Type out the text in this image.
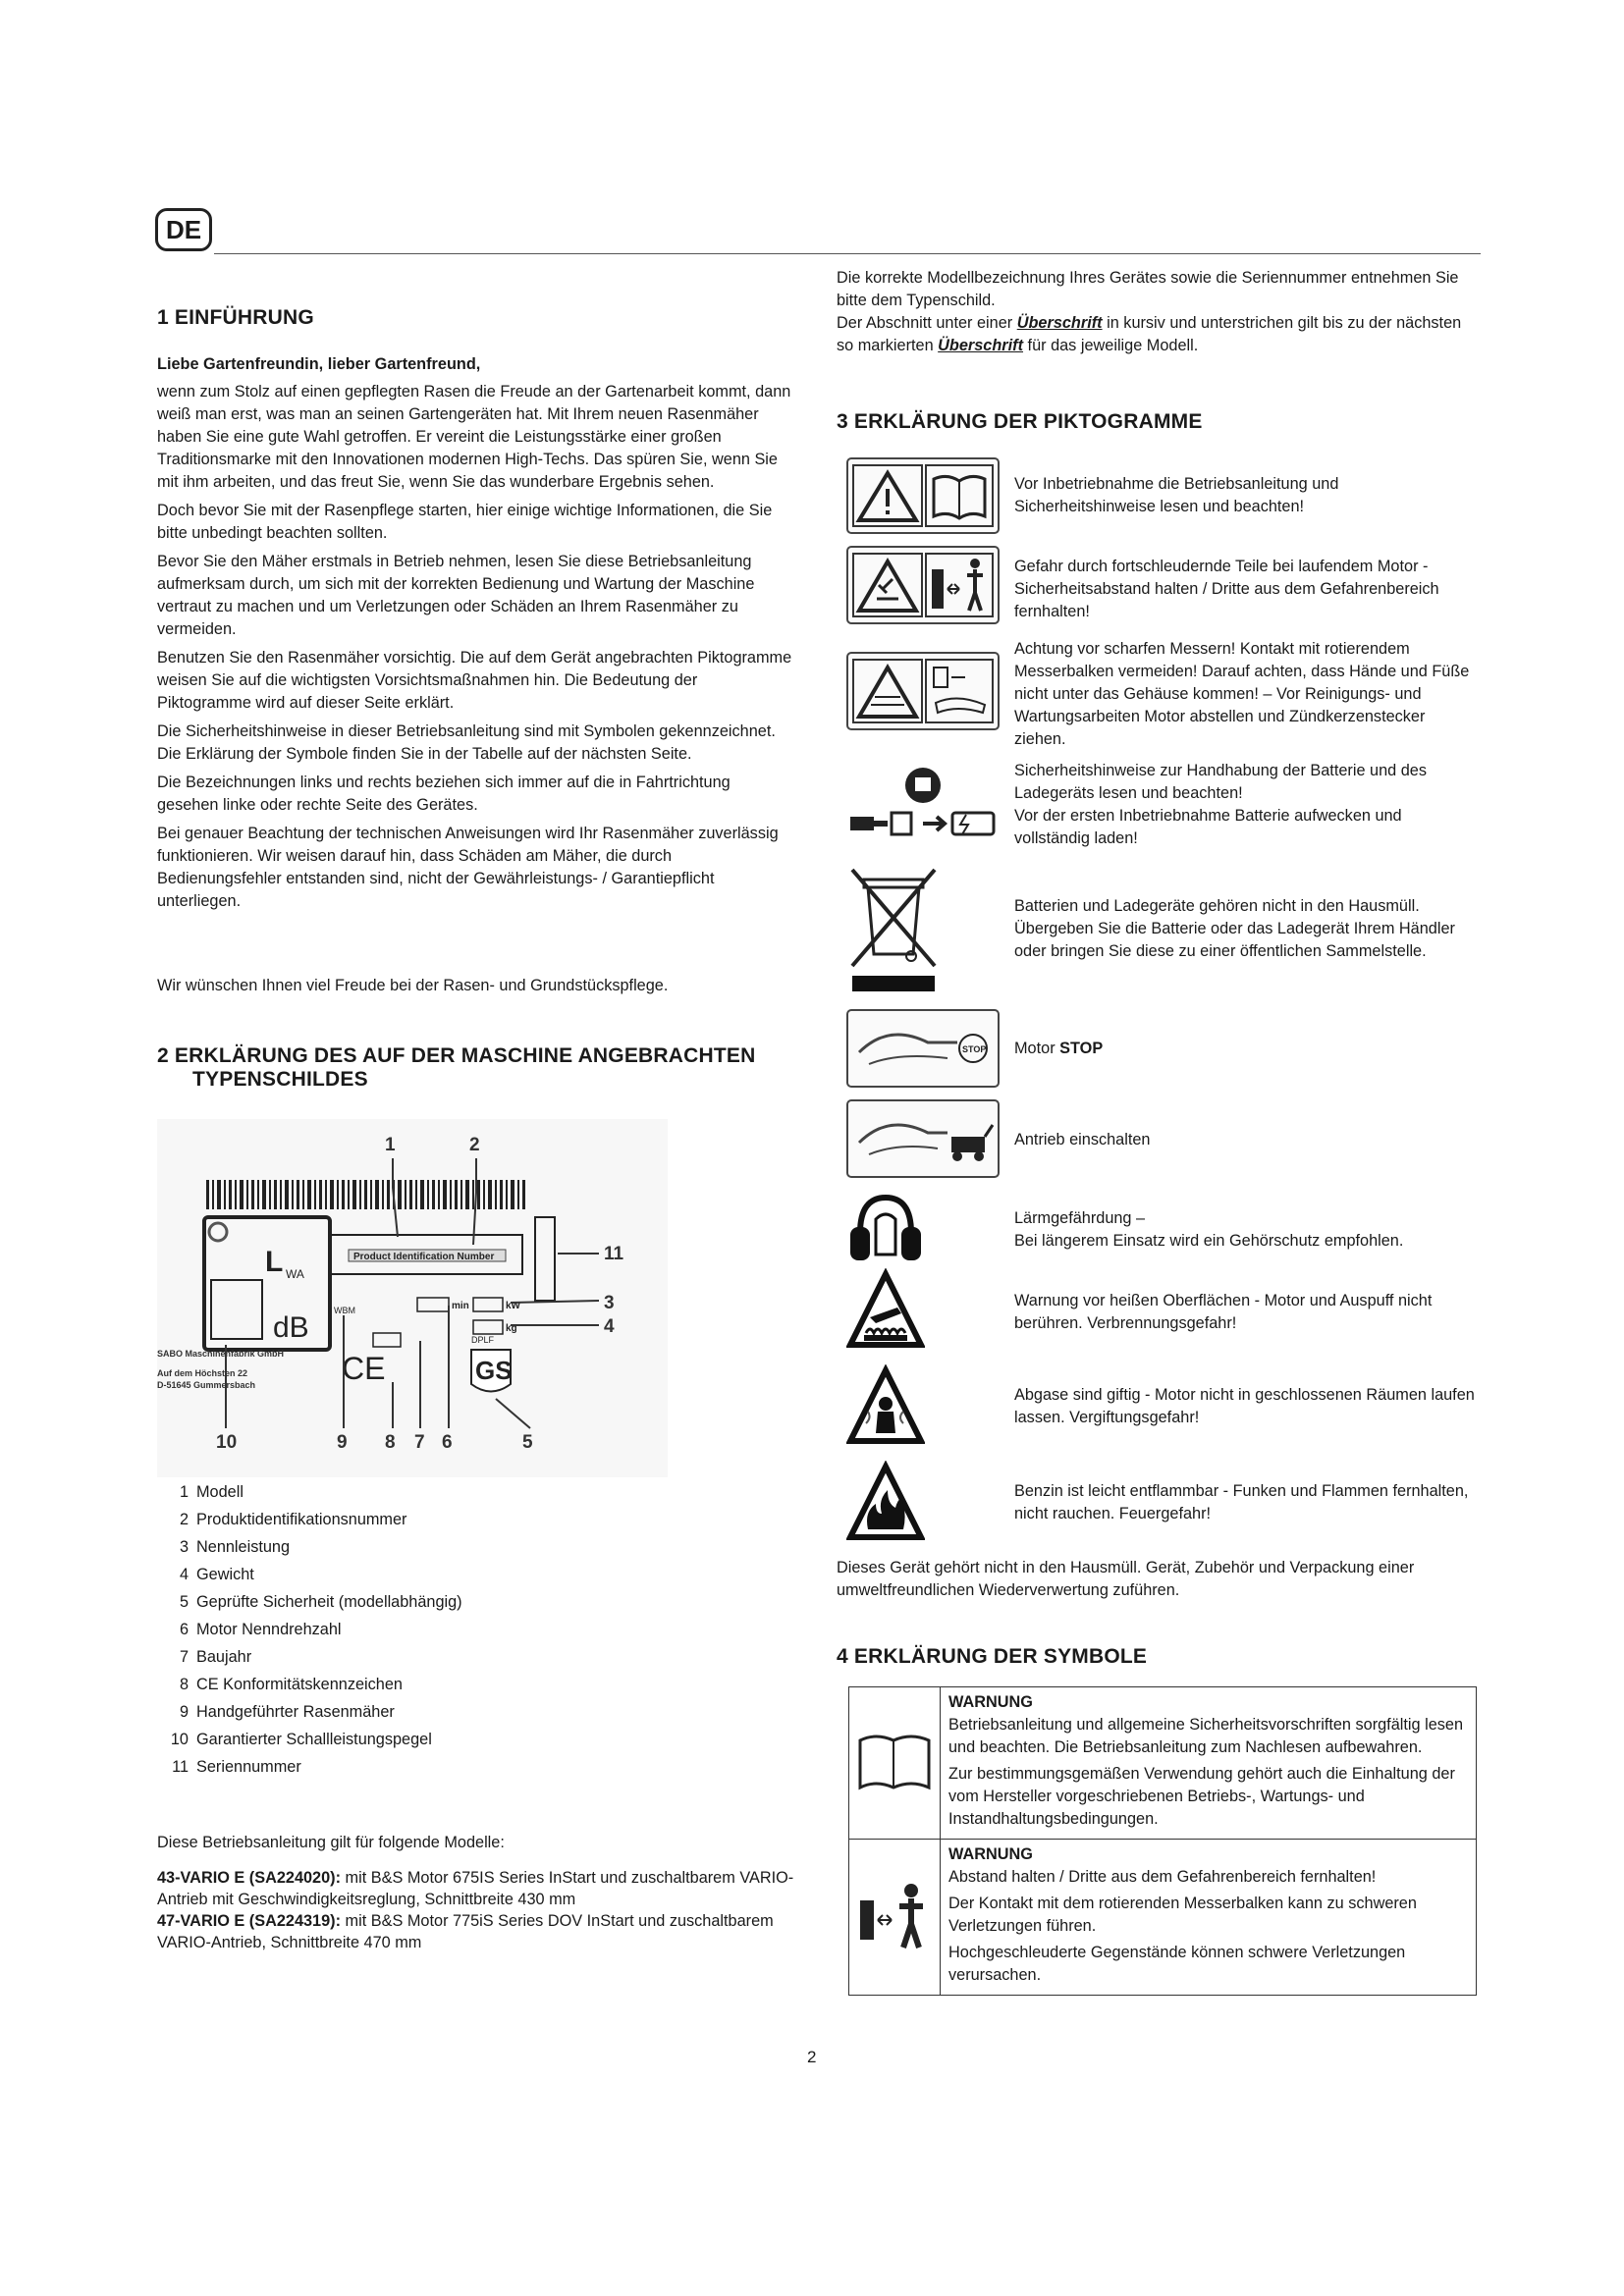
DE
1 EINFÜHRUNG
Liebe Gartenfreundin, lieber Gartenfreund,

wenn zum Stolz auf einen gepflegten Rasen die Freude an der Gartenarbeit kommt, dann weiß man erst, was man an seinen Gartengeräten hat. Mit Ihrem neuen Rasenmäher haben Sie eine gute Wahl getroffen. Er vereint die Leistungsstärke einer großen Traditionsmarke mit den Innovationen modernen High-Techs. Das spüren Sie, wenn Sie mit ihm arbeiten, und das freut Sie, wenn Sie das wunderbare Ergebnis sehen.

Doch bevor Sie mit der Rasenpflege starten, hier einige wichtige Informationen, die Sie bitte unbedingt beachten sollten.

Bevor Sie den Mäher erstmals in Betrieb nehmen, lesen Sie diese Betriebsanleitung aufmerksam durch, um sich mit der korrekten Bedienung und Wartung der Maschine vertraut zu machen und um Verletzungen oder Schäden an Ihrem Rasenmäher zu vermeiden.

Benutzen Sie den Rasenmäher vorsichtig. Die auf dem Gerät angebrachten Piktogramme weisen Sie auf die wichtigsten Vorsichtsmaßnahmen hin. Die Bedeutung der Piktogramme wird auf dieser Seite erklärt.

Die Sicherheitshinweise in dieser Betriebsanleitung sind mit Symbolen gekennzeichnet. Die Erklärung der Symbole finden Sie in der Tabelle auf der nächsten Seite.

Die Bezeichnungen links und rechts beziehen sich immer auf die in Fahrtrichtung gesehen linke oder rechte Seite des Gerätes.

Bei genauer Beachtung der technischen Anweisungen wird Ihr Rasenmäher zuverlässig funktionieren. Wir weisen darauf hin, dass Schäden am Mäher, die durch Bedienungsfehler entstanden sind, nicht der Gewährleistungs- / Garantiepflicht unterliegen.

Wir wünschen Ihnen viel Freude bei der Rasen- und Grundstückspflege.
2 ERKLÄRUNG DES AUF DER MASCHINE ANGEBRACHTEN
TYPENSCHILDES
L WA
dB
Product Identification Number
WBM	min	kW
kg
DPLF
CE	GS
SABO Maschinenfabrik GmbH
Auf dem Höchsten 22
D-51645 Gummersbach
1	2
3
4
5
6
7
8
9
10
11
1 Modell
2 Produktidentifikationsnummer
3 Nennleistung
4 Gewicht
5 Geprüfte Sicherheit (modellabhängig)
6 Motor Nenndrehzahl
7 Baujahr
8 CE Konformitätskennzeichen
9 Handgeführter Rasenmäher
10 Garantierter Schallleistungspegel
11 Seriennummer
Diese Betriebsanleitung gilt für folgende Modelle:
43-VARIO E (SA224020): mit B&S Motor 675IS Series InStart und zuschaltbarem VARIO-Antrieb mit Geschwindigkeitsreglung, Schnittbreite 430 mm
47-VARIO E (SA224319): mit B&S Motor 775iS Series DOV InStart und zuschaltbarem VARIO-Antrieb, Schnittbreite 470 mm
Die korrekte Modellbezeichnung Ihres Gerätes sowie die Seriennummer entnehmen Sie bitte dem Typenschild.
Der Abschnitt unter einer Überschrift in kursiv und unterstrichen gilt bis zu der nächsten so markierten Überschrift für das jeweilige Modell.
3 ERKLÄRUNG DER PIKTOGRAMME
Vor Inbetriebnahme die Betriebsanleitung und Sicherheitshinweise lesen und beachten!
Gefahr durch fortschleudernde Teile bei laufendem Motor - Sicherheitsabstand halten / Dritte aus dem Gefahrenbereich fernhalten!
Achtung vor scharfen Messern! Kontakt mit rotierendem Messerbalken vermeiden! Darauf achten, dass Hände und Füße nicht unter das Gehäuse kommen! – Vor Reinigungs- und Wartungsarbeiten Motor abstellen und Zündkerzenstecker ziehen.
Sicherheitshinweise zur Handhabung der Batterie und des Ladegeräts lesen und beachten!
Vor der ersten Inbetriebnahme Batterie aufwecken und vollständig laden!
Batterien und Ladegeräte gehören nicht in den Hausmüll. Übergeben Sie die Batterie oder das Ladegerät Ihrem Händler oder bringen Sie diese zu einer öffentlichen Sammelstelle.
STOP Motor STOP
Antrieb einschalten
Lärmgefährdung –
Bei längerem Einsatz wird ein Gehörschutz empfohlen.
Warnung vor heißen Oberflächen - Motor und Auspuff nicht berühren. Verbrennungsgefahr!
Abgase sind giftig - Motor nicht in geschlossenen Räumen laufen lassen. Vergiftungsgefahr!
Benzin ist leicht entflammbar - Funken und Flammen fernhalten, nicht rauchen. Feuergefahr!
Dieses Gerät gehört nicht in den Hausmüll. Gerät, Zubehör und Verpackung einer umweltfreundlichen Wiederverwertung zuführen.
4 ERKLÄRUNG DER SYMBOLE

WARNUNG

Betriebsanleitung und allgemeine Sicherheitsvorschriften sorgfältig lesen und beachten. Die Betriebsanleitung zum Nachlesen aufbewahren.

Zur bestimmungsgemäßen Verwendung gehört auch die Einhaltung der vom Hersteller vorgeschriebenen Betriebs-, Wartungs- und Instandhaltungsbedingungen.

WARNUNG

Abstand halten / Dritte aus dem Gefahrenbereich fernhalten!

Der Kontakt mit dem rotierenden Messerbalken kann zu schweren Verletzungen führen.

Hochgeschleuderte Gegenstände können schwere Verletzungen verursachen.

2
